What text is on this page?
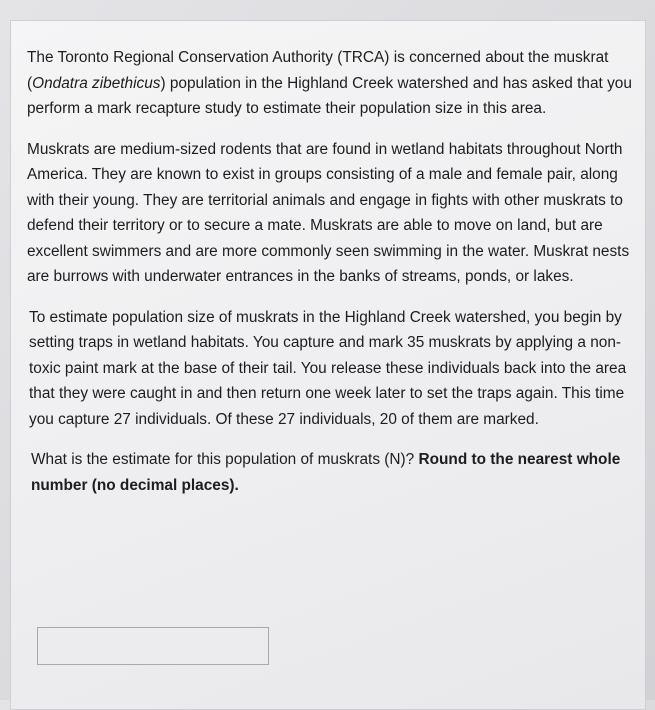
The Toronto Regional Conservation Authority (TRCA) is concerned about the muskrat (Ondatra zibethicus) population in the Highland Creek watershed and has asked that you perform a mark recapture study to estimate their population size in this area.

Muskrats are medium-sized rodents that are found in wetland habitats throughout North America. They are known to exist in groups consisting of a male and female pair, along with their young. They are territorial animals and engage in fights with other muskrats to defend their territory or to secure a mate. Muskrats are able to move on land, but are excellent swimmers and are more commonly seen swimming in the water. Muskrat nests are burrows with underwater entrances in the banks of streams, ponds, or lakes.

To estimate population size of muskrats in the Highland Creek watershed, you begin by setting traps in wetland habitats. You capture and mark 35 muskrats by applying a non-toxic paint mark at the base of their tail. You release these individuals back into the area that they were caught in and then return one week later to set the traps again. This time you capture 27 individuals. Of these 27 individuals, 20 of them are marked.

What is the estimate for this population of muskrats (N)? Round to the nearest whole number (no decimal places).
